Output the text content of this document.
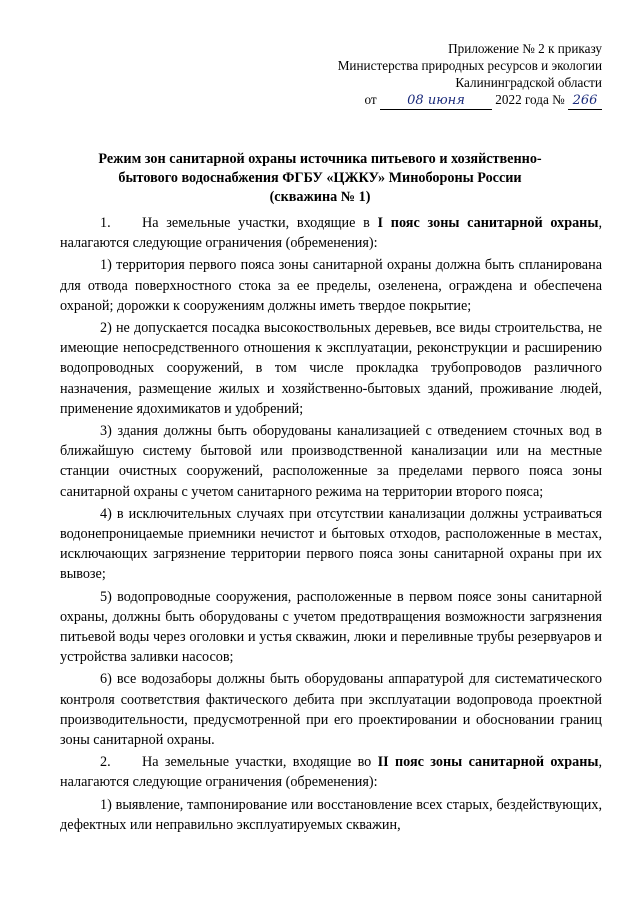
Приложение № 2 к приказу
Министерства природных ресурсов и экологии
Калининградской области
от 08 июня 2022 года № 266
Режим зон санитарной охраны источника питьевого и хозяйственно-
бытового водоснабжения ФГБУ «ЦЖКУ» Минобороны России
(скважина № 1)

1. На земельные участки, входящие в I пояс зоны санитарной охраны, налагаются следующие ограничения (обременения):

1) территория первого пояса зоны санитарной охраны должна быть спланирована для отвода поверхностного стока за ее пределы, озеленена, ограждена и обеспечена охраной; дорожки к сооружениям должны иметь твердое покрытие;

2) не допускается посадка высокоствольных деревьев, все виды строительства, не имеющие непосредственного отношения к эксплуатации, реконструкции и расширению водопроводных сооружений, в том числе прокладка трубопроводов различного назначения, размещение жилых и хозяйственно-бытовых зданий, проживание людей, применение ядохимикатов и удобрений;

3) здания должны быть оборудованы канализацией с отведением сточных вод в ближайшую систему бытовой или производственной канализации или на местные станции очистных сооружений, расположенные за пределами первого пояса зоны санитарной охраны с учетом санитарного режима на территории второго пояса;

4) в исключительных случаях при отсутствии канализации должны устраиваться водонепроницаемые приемники нечистот и бытовых отходов, расположенные в местах, исключающих загрязнение территории первого пояса зоны санитарной охраны при их вывозе;

5) водопроводные сооружения, расположенные в первом поясе зоны санитарной охраны, должны быть оборудованы с учетом предотвращения возможности загрязнения питьевой воды через оголовки и устья скважин, люки и переливные трубы резервуаров и устройства заливки насосов;

6) все водозаборы должны быть оборудованы аппаратурой для систематического контроля соответствия фактического дебита при эксплуатации водопровода проектной производительности, предусмотренной при его проектировании и обосновании границ зоны санитарной охраны.

2. На земельные участки, входящие во II пояс зоны санитарной охраны, налагаются следующие ограничения (обременения):

1) выявление, тампонирование или восстановление всех старых, бездействующих, дефектных или неправильно эксплуатируемых скважин,
